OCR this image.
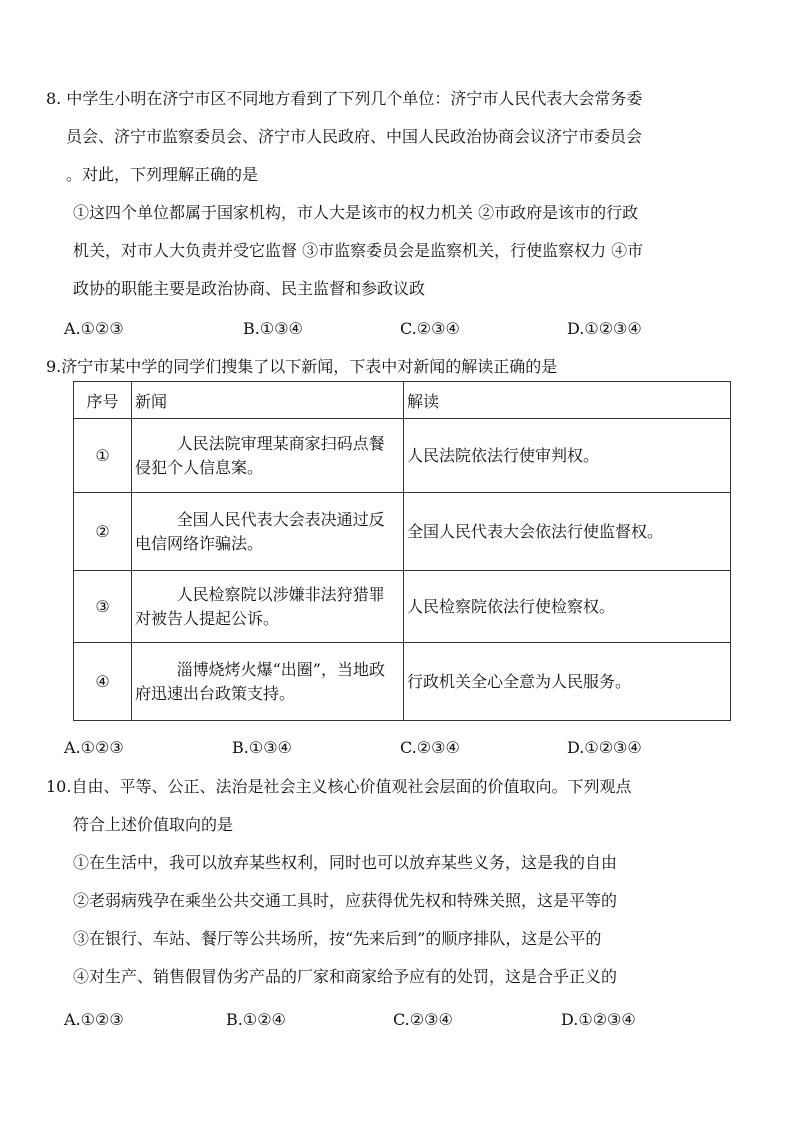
8. 中学生小明在济宁市区不同地方看到了下列几个单位：济宁市人民代表大会常务委
员会、济宁市监察委员会、济宁市人民政府、中国人民政治协商会议济宁市委员会
。对此，下列理解正确的是
①这四个单位都属于国家机构，市人大是该市的权力机关 ②市政府是该市的行政
机关，对市人大负责并受它监督 ③市监察委员会是监察机关，行使监察权力 ④市
政协的职能主要是政治协商、民主监督和参政议政
A.①②③	B.①③④	C.②③④	D.①②③④
9.济宁市某中学的同学们搜集了以下新闻，下表中对新闻的解读正确的是
序号	新闻	解读
①	人民法院审理某商家扫码点餐侵犯个人信息案。	人民法院依法行使审判权。
②	全国人民代表大会表决通过反电信网络诈骗法。	全国人民代表大会依法行使监督权。
③	人民检察院以涉嫌非法狩猎罪对被告人提起公诉。	人民检察院依法行使检察权。
④	淄博烧烤火爆“出圈”，当地政府迅速出台政策支持。	行政机关全心全意为人民服务。
A.①②③	B.①③④	C.②③④	D.①②③④
10.自由、平等、公正、法治是社会主义核心价值观社会层面的价值取向。下列观点
符合上述价值取向的是
①在生活中，我可以放弃某些权利，同时也可以放弃某些义务，这是我的自由
②老弱病残孕在乘坐公共交通工具时，应获得优先权和特殊关照，这是平等的
③在银行、车站、餐厅等公共场所，按“先来后到”的顺序排队，这是公平的
④对生产、销售假冒伪劣产品的厂家和商家给予应有的处罚，这是合乎正义的
A.①②③	B.①②④	C.②③④	D.①②③④
